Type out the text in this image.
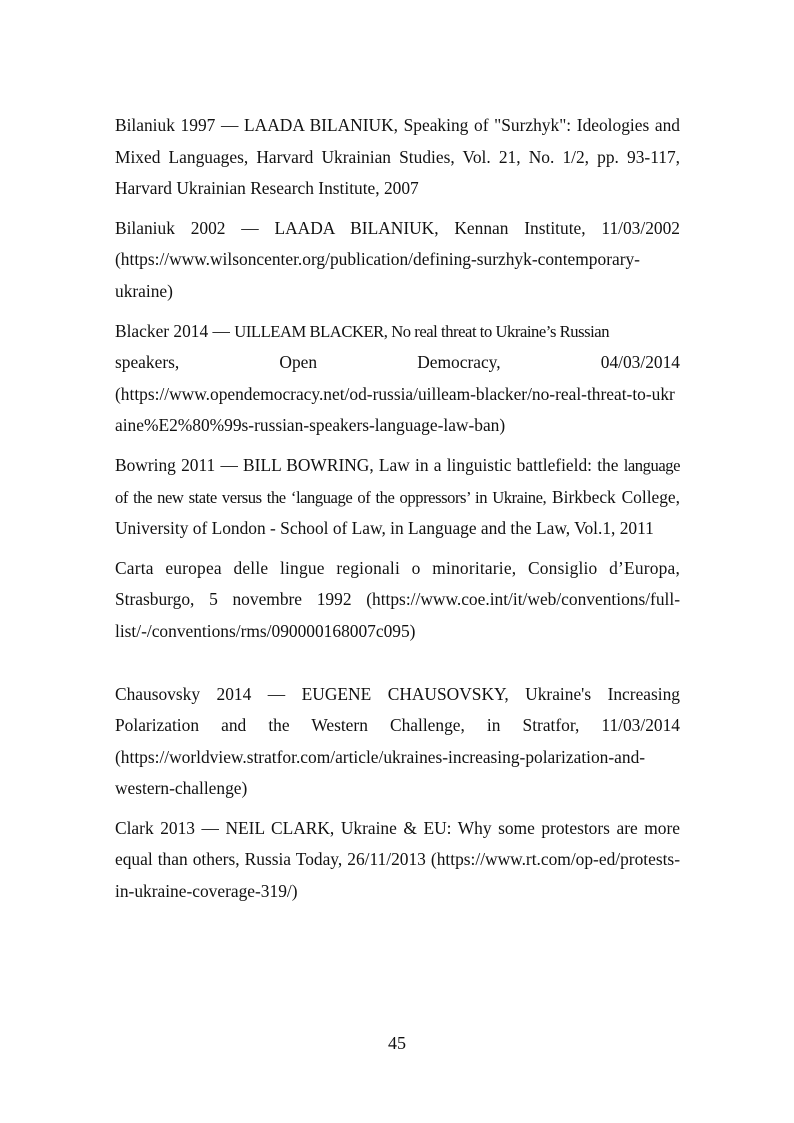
Bilaniuk 1997 — LAADA BILANIUK, Speaking of "Surzhyk": Ideologies and Mixed Languages, Harvard Ukrainian Studies, Vol. 21, No. 1/2, pp. 93-117, Harvard Ukrainian Research Institute, 2007

Bilaniuk 2002 — LAADA BILANIUK, Kennan Institute, 11/03/2002 (https://www.wilsoncenter.org/publication/defining-surzhyk-contemporary-ukraine)

Blacker 2014 — UILLEAM BLACKER, No real threat to Ukraine’s Russian

speakers, Open Democracy, 04/03/2014
(https://www.opendemocracy.net/od-russia/uilleam-blacker/no-real-threat-to-ukraine%E2%80%99s-russian-speakers-language-law-ban)

Bowring 2011 — BILL BOWRING, Law in a linguistic battlefield: the language of the new state versus the ‘language of the oppressors’ in Ukraine, Birkbeck College, University of London - School of Law, in Language and the Law, Vol.1, 2011

Carta europea delle lingue regionali o minoritarie, Consiglio d’Europa, Strasburgo, 5 novembre 1992 (https://www.coe.int/it/web/conventions/full-list/-/conventions/rms/090000168007c095)

Chausovsky 2014 — EUGENE CHAUSOVSKY, Ukraine's Increasing Polarization and the Western Challenge, in Stratfor, 11/03/2014 (https://worldview.stratfor.com/article/ukraines-increasing-polarization-and-western-challenge)

Clark 2013 — NEIL CLARK, Ukraine & EU: Why some protestors are more equal than others, Russia Today, 26/11/2013 (https://www.rt.com/op-ed/protests-in-ukraine-coverage-319/)

45
